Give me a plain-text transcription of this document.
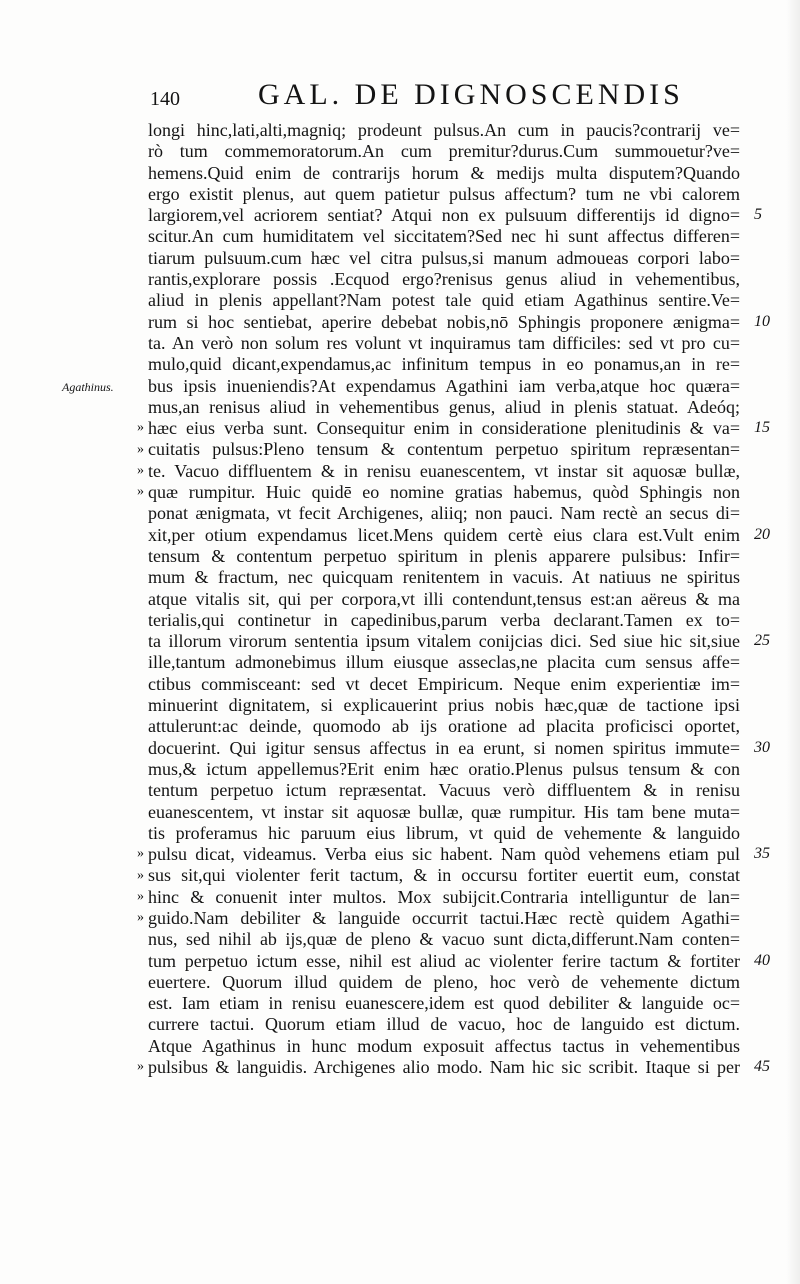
140	GAL. DE DIGNOSCENDIS
Agathinus.
longi hinc,lati,alti,magniq; prodeunt pulsus.An cum in paucis?contrarij ve=
rò tum commemoratorum.An cum premitur?durus.Cum summouetur?ve=
hemens.Quid enim de contrarijs horum & medijs multa disputem?Quando
ergo existit plenus, aut quem patietur pulsus affectum? tum ne vbi calorem
largiorem,vel acriorem sentiat? Atqui non ex pulsuum differentijs id digno=
scitur.An cum humiditatem vel siccitatem?Sed nec hi sunt affectus differen=
tiarum pulsuum.cum hæc vel citra pulsus,si manum admoueas corpori labo=
rantis,explorare possis .Ecquod ergo?renisus genus aliud in vehementibus,
aliud in plenis appellant?Nam potest tale quid etiam Agathinus sentire.Ve=
rum si hoc sentiebat, aperire debebat nobis,nō Sphingis proponere ænigma=
ta. An verò non solum res volunt vt inquiramus tam difficiles: sed vt pro cu=
mulo,quid dicant,expendamus,ac infinitum tempus in eo ponamus,an in re=
bus ipsis inueniendis?At expendamus Agathini iam verba,atque hoc quæra=
mus,an renisus aliud in vehementibus genus, aliud in plenis statuat. Adeóq;
hæc eius verba sunt. Consequitur enim in consideratione plenitudinis & va=
cuitatis pulsus:Pleno tensum & contentum perpetuo spiritum repræsentan=
te. Vacuo diffluentem & in renisu euanescentem, vt instar sit aquosæ bullæ,
quæ rumpitur. Huic quidē eo nomine gratias habemus, quòd Sphingis non
ponat ænigmata, vt fecit Archigenes, aliiq; non pauci. Nam rectè an secus di=
xit,per otium expendamus licet.Mens quidem certè eius clara est.Vult enim
tensum & contentum perpetuo spiritum in plenis apparere pulsibus: Infir=
mum & fractum, nec quicquam renitentem in vacuis. At natiuus ne spiritus
atque vitalis sit, qui per corpora,vt illi contendunt,tensus est:an aëreus & ma
terialis,qui continetur in capedinibus,parum verba declarant.Tamen ex to=
ta illorum virorum sententia ipsum vitalem conijcias dici. Sed siue hic sit,siue
ille,tantum admonebimus illum eiusque asseclas,ne placita cum sensus affe=
ctibus commisceant: sed vt decet Empiricum. Neque enim experientiæ im=
minuerint dignitatem, si explicauerint prius nobis hæc,quæ de tactione ipsi
attulerunt:ac deinde, quomodo ab ijs oratione ad placita proficisci oportet,
docuerint. Qui igitur sensus affectus in ea erunt, si nomen spiritus immute=
mus,& ictum appellemus?Erit enim hæc oratio.Plenus pulsus tensum & con
tentum perpetuo ictum repræsentat. Vacuus verò diffluentem & in renisu
euanescentem, vt instar sit aquosæ bullæ, quæ rumpitur. His tam bene muta=
tis proferamus hic paruum eius librum, vt quid de vehemente & languido
pulsu dicat, videamus. Verba eius sic habent. Nam quòd vehemens etiam pul
sus sit,qui violenter ferit tactum, & in occursu fortiter euertit eum, constat
hinc & conuenit inter multos. Mox subijcit.Contraria intelliguntur de lan=
guido.Nam debiliter & languide occurrit tactui.Hæc rectè quidem Agathi=
nus, sed nihil ab ijs,quæ de pleno & vacuo sunt dicta,differunt.Nam conten=
tum perpetuo ictum esse, nihil est aliud ac violenter ferire tactum & fortiter
euertere. Quorum illud quidem de pleno, hoc verò de vehemente dictum
est. Iam etiam in renisu euanescere,idem est quod debiliter & languide oc=
currere tactui. Quorum etiam illud de vacuo, hoc de languido est dictum.
Atque Agathinus in hunc modum exposuit affectus tactus in vehementibus
pulsibus & languidis. Archigenes alio modo. Nam hic sic scribit. Itaque si per
»
»
»
»
»
»
»
»
»
5
10
15
20
25
30
35
40
45
